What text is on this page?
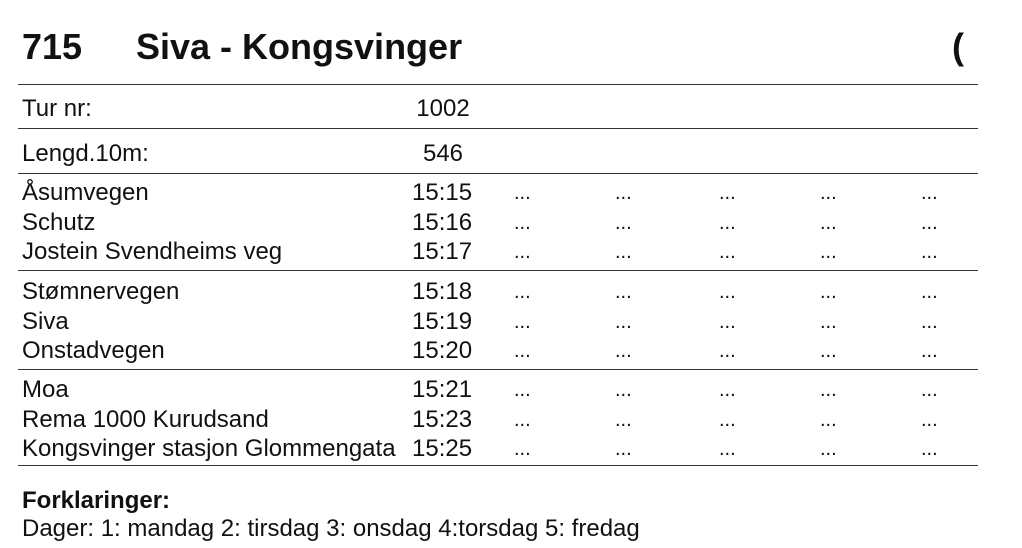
715 Siva - Kongsvinger	(
Tur nr:	1002
Lengd.10m:	546
Åsumvegen	15:15 ...	...	...	...	...
Schutz	15:16 ...	...	...	...	...
Jostein Svendheims veg	15:17 ...	...	...	...	...
Stømnervegen	15:18 ...	...	...	...	...
Siva	15:19 ...	...	...	...	...
Onstadvegen	15:20 ...	...	...	...	...
Moa	15:21 ...	...	...	...	...
Rema 1000 Kurudsand	15:23 ...	...	...	...	...
Kongsvinger stasjon Glommengata 15:25 ...	...	...	...	...
Forklaringer:
Dager: 1: mandag 2: tirsdag 3: onsdag 4:torsdag 5: fredag
